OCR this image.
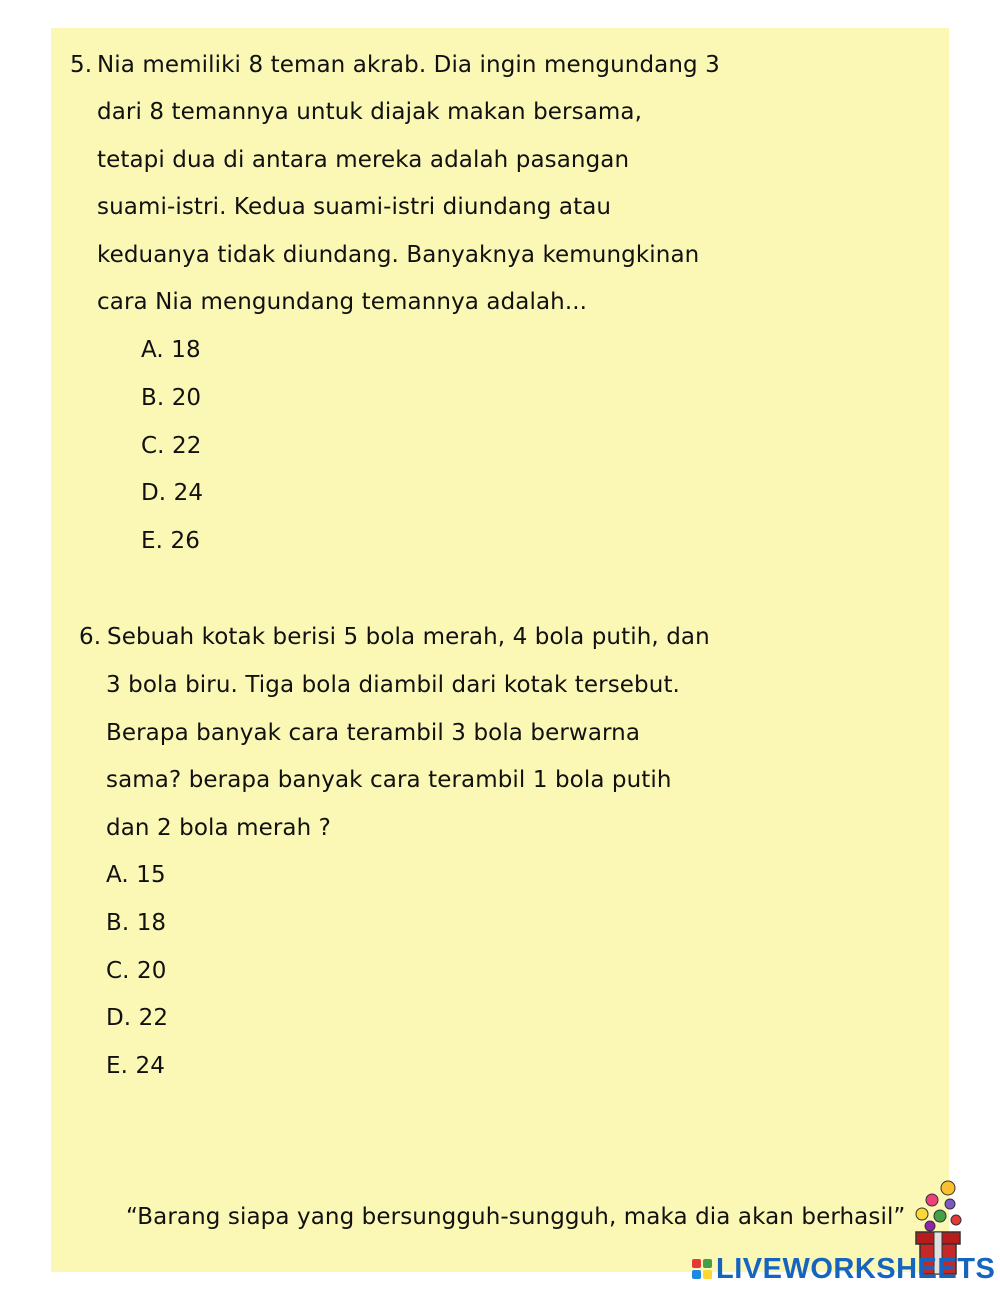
5. Nia memiliki 8 teman akrab. Dia ingin mengundang 3
dari 8 temannya untuk diajak makan bersama,
tetapi dua di antara mereka adalah pasangan
suami-istri. Kedua suami-istri diundang atau
keduanya tidak diundang. Banyaknya kemungkinan
cara Nia mengundang temannya adalah...
A. 18
B. 20
C. 22
D. 24
E. 26
6. Sebuah kotak berisi 5 bola merah, 4 bola putih, dan
3 bola biru. Tiga bola diambil dari kotak tersebut.
Berapa banyak cara terambil 3 bola berwarna
sama? berapa banyak cara terambil 1 bola putih
dan 2 bola merah ?
A. 15
B. 18
C. 20
D. 22
E. 24
“Barang siapa yang bersungguh-sungguh, maka dia akan berhasil”
LIVEWORKSHEETS
